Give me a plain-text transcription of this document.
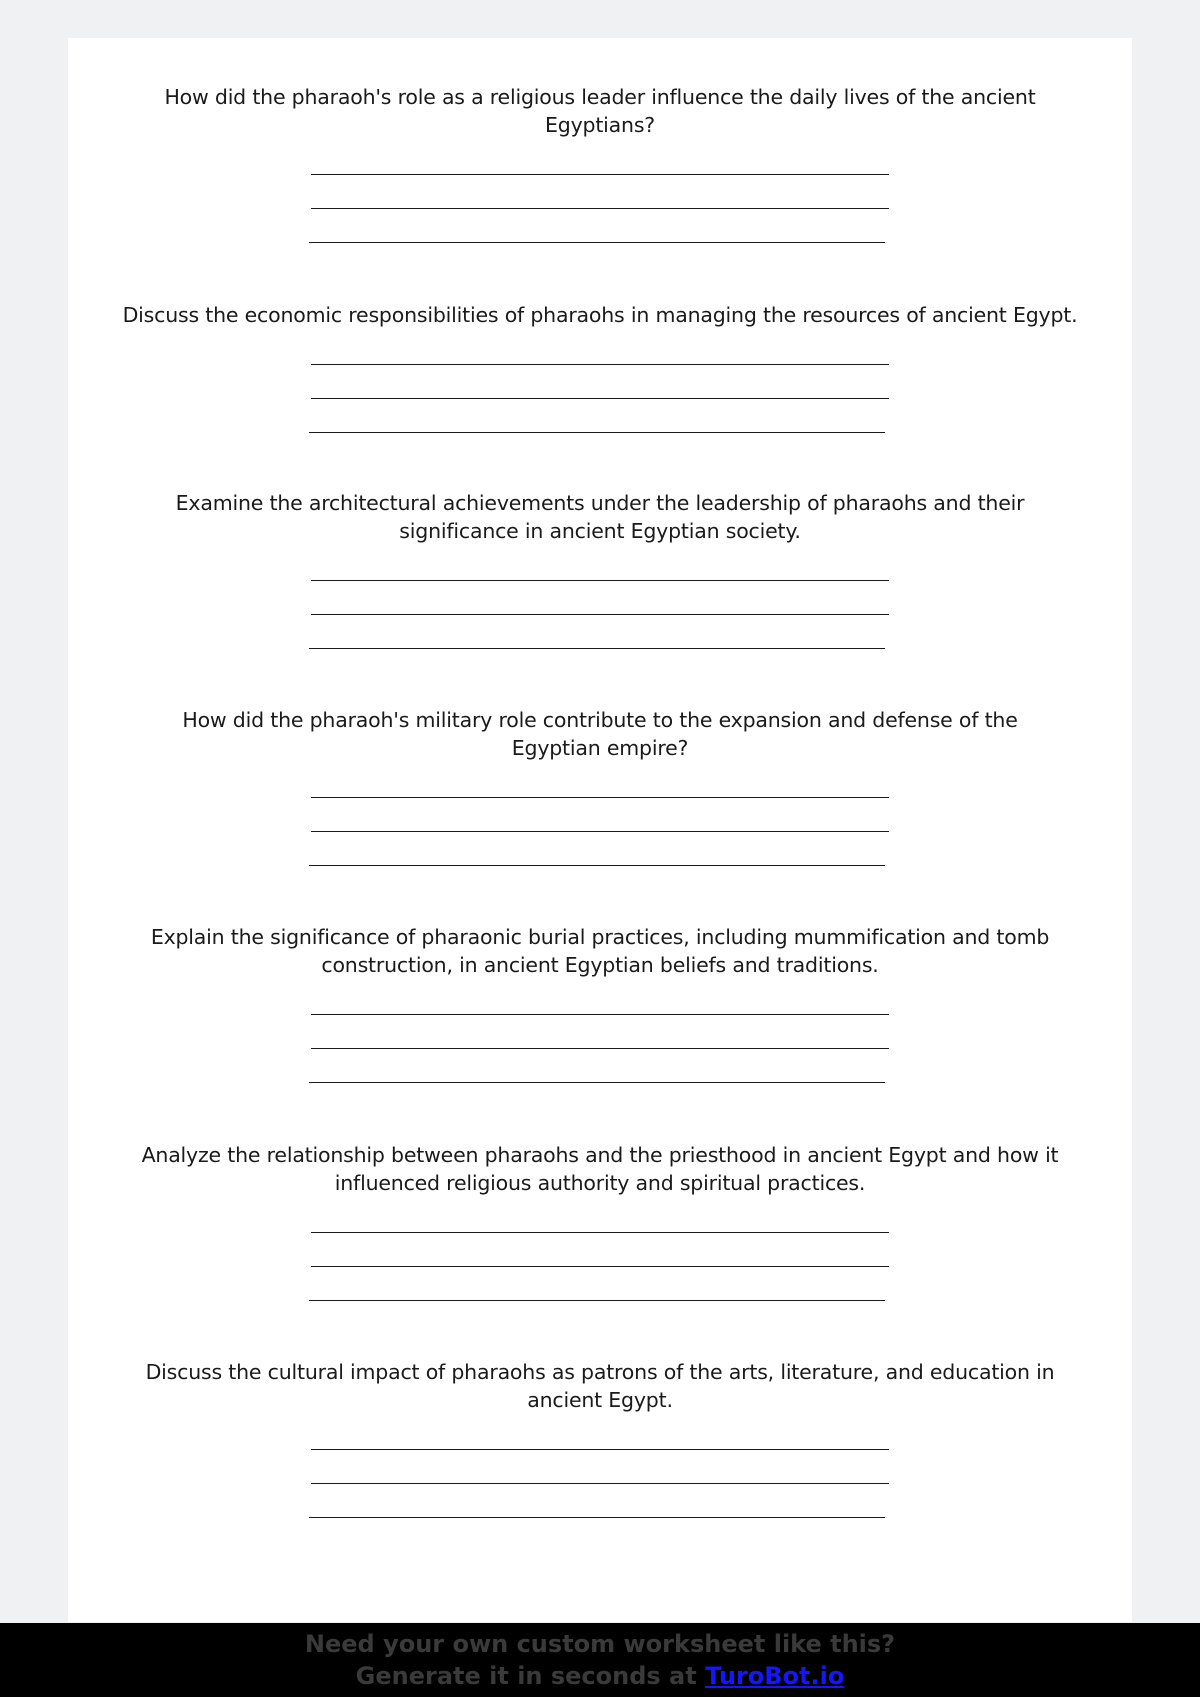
How did the pharaoh's role as a religious leader influence the daily lives of the ancient Egyptians?
Discuss the economic responsibilities of pharaohs in managing the resources of ancient Egypt.
Examine the architectural achievements under the leadership of pharaohs and their significance in ancient Egyptian society.
How did the pharaoh's military role contribute to the expansion and defense of the Egyptian empire?
Explain the significance of pharaonic burial practices, including mummification and tomb construction, in ancient Egyptian beliefs and traditions.
Analyze the relationship between pharaohs and the priesthood in ancient Egypt and how it influenced religious authority and spiritual practices.
Discuss the cultural impact of pharaohs as patrons of the arts, literature, and education in ancient Egypt.
Need your own custom worksheet like this?
Generate it in seconds at TuroBot.io
